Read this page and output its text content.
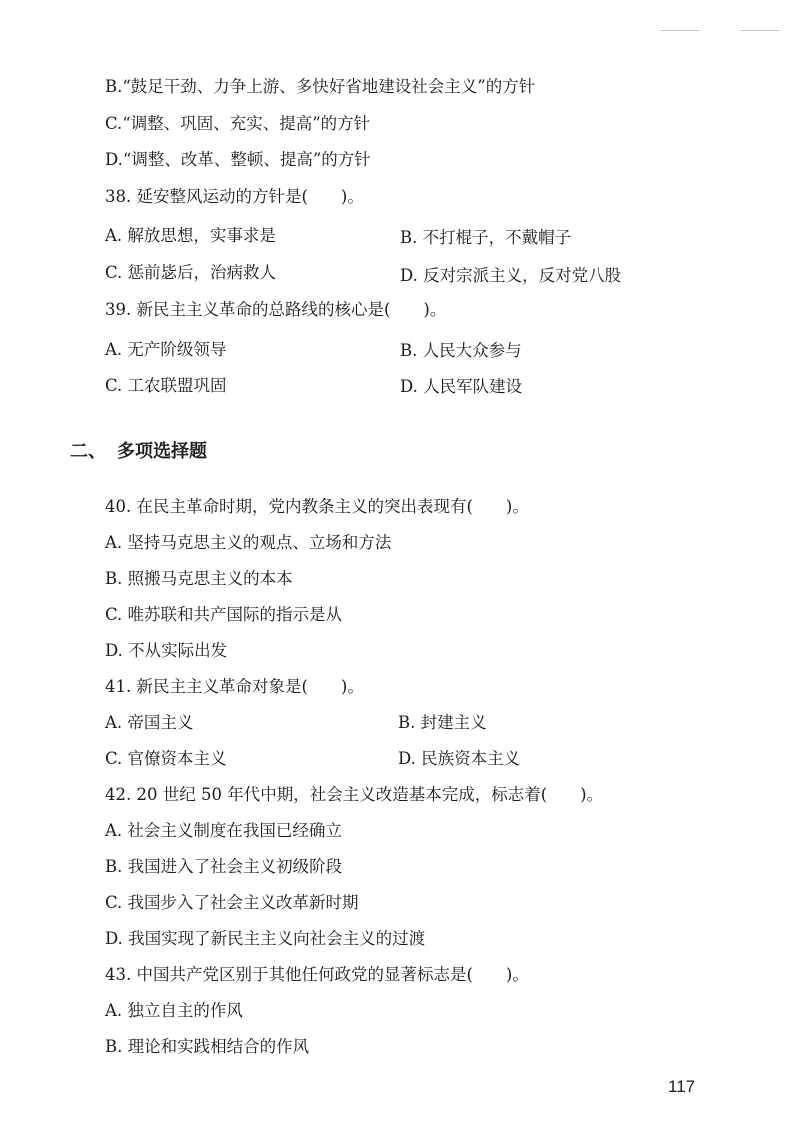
B.“鼓足干劲、力争上游、多快好省地建设社会主义”的方针
C.“调整、巩固、充实、提高”的方针
D.“调整、改革、整顿、提高”的方针
38. 延安整风运动的方针是(　　)。
A. 解放思想，实事求是	B. 不打棍子，不戴帽子
C. 惩前毖后，治病救人	D. 反对宗派主义，反对党八股
39. 新民主主义革命的总路线的核心是(　　)。
A. 无产阶级领导	B. 人民大众参与
C. 工农联盟巩固	D. 人民军队建设
二、 多项选择题
40. 在民主革命时期，党内教条主义的突出表现有(　　)。
A. 坚持马克思主义的观点、立场和方法
B. 照搬马克思主义的本本
C. 唯苏联和共产国际的指示是从
D. 不从实际出发
41. 新民主主义革命对象是(　　)。
A. 帝国主义	B. 封建主义
C. 官僚资本主义	D. 民族资本主义
42. 20 世纪 50 年代中期，社会主义改造基本完成，标志着(　　)。
A. 社会主义制度在我国已经确立
B. 我国进入了社会主义初级阶段
C. 我国步入了社会主义改革新时期
D. 我国实现了新民主主义向社会主义的过渡
43. 中国共产党区别于其他任何政党的显著标志是(　　)。
A. 独立自主的作风
B. 理论和实践相结合的作风
117
